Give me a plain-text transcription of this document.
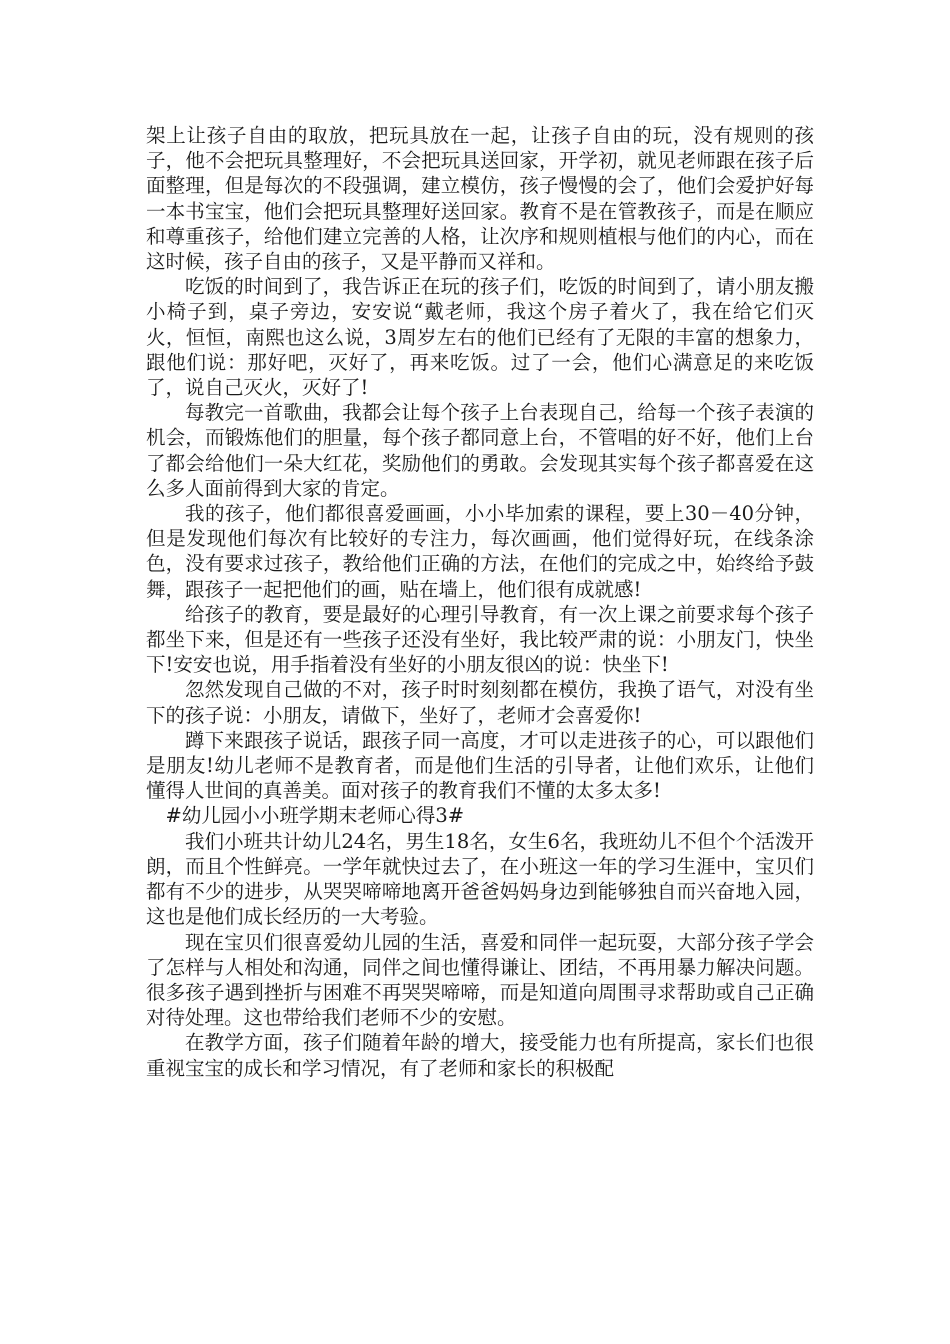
架上让孩子自由的取放，把玩具放在一起，让孩子自由的玩，没有规则的孩子，他不会把玩具整理好，不会把玩具送回家，开学初，就见老师跟在孩子后面整理，但是每次的不段强调，建立模仿，孩子慢慢的会了，他们会爱护好每一本书宝宝，他们会把玩具整理好送回家。教育不是在管教孩子，而是在顺应和尊重孩子，给他们建立完善的人格，让次序和规则植根与他们的内心，而在这时候，孩子自由的孩子，又是平静而又祥和。

吃饭的时间到了，我告诉正在玩的孩子们，吃饭的时间到了，请小朋友搬小椅子到，桌子旁边，安安说“戴老师，我这个房子着火了，我在给它们灭火，恒恒，南熙也这么说，3周岁左右的他们已经有了无限的丰富的想象力，跟他们说：那好吧，灭好了，再来吃饭。过了一会，他们心满意足的来吃饭了，说自己灭火，灭好了!

每教完一首歌曲，我都会让每个孩子上台表现自己，给每一个孩子表演的机会，而锻炼他们的胆量，每个孩子都同意上台，不管唱的好不好，他们上台了都会给他们一朵大红花，奖励他们的勇敢。会发现其实每个孩子都喜爱在这么多人面前得到大家的肯定。

我的孩子，他们都很喜爱画画，小小毕加索的课程，要上30－40分钟，但是发现他们每次有比较好的专注力，每次画画，他们觉得好玩，在线条涂色，没有要求过孩子，教给他们正确的方法，在他们的完成之中，始终给予鼓舞，跟孩子一起把他们的画，贴在墙上，他们很有成就感!

给孩子的教育，要是最好的心理引导教育，有一次上课之前要求每个孩子都坐下来，但是还有一些孩子还没有坐好，我比较严肃的说：小朋友门，快坐下!安安也说，用手指着没有坐好的小朋友很凶的说：快坐下!

忽然发现自己做的不对，孩子时时刻刻都在模仿，我换了语气，对没有坐下的孩子说：小朋友，请做下，坐好了，老师才会喜爱你!

蹲下来跟孩子说话，跟孩子同一高度，才可以走进孩子的心，可以跟他们是朋友!幼儿老师不是教育者，而是他们生活的引导者，让他们欢乐，让他们懂得人世间的真善美。面对孩子的教育我们不懂的太多太多!

#幼儿园小小班学期末老师心得3#

我们小班共计幼儿24名，男生18名，女生6名，我班幼儿不但个个活泼开朗，而且个性鲜亮。一学年就快过去了，在小班这一年的学习生涯中，宝贝们都有不少的进步，从哭哭啼啼地离开爸爸妈妈身边到能够独自而兴奋地入园，这也是他们成长经历的一大考验。

现在宝贝们很喜爱幼儿园的生活，喜爱和同伴一起玩耍，大部分孩子学会了怎样与人相处和沟通，同伴之间也懂得谦让、团结，不再用暴力解决问题。很多孩子遇到挫折与困难不再哭哭啼啼，而是知道向周围寻求帮助或自己正确对待处理。这也带给我们老师不少的安慰。

在教学方面，孩子们随着年龄的增大，接受能力也有所提高，家长们也很重视宝宝的成长和学习情况，有了老师和家长的积极配
